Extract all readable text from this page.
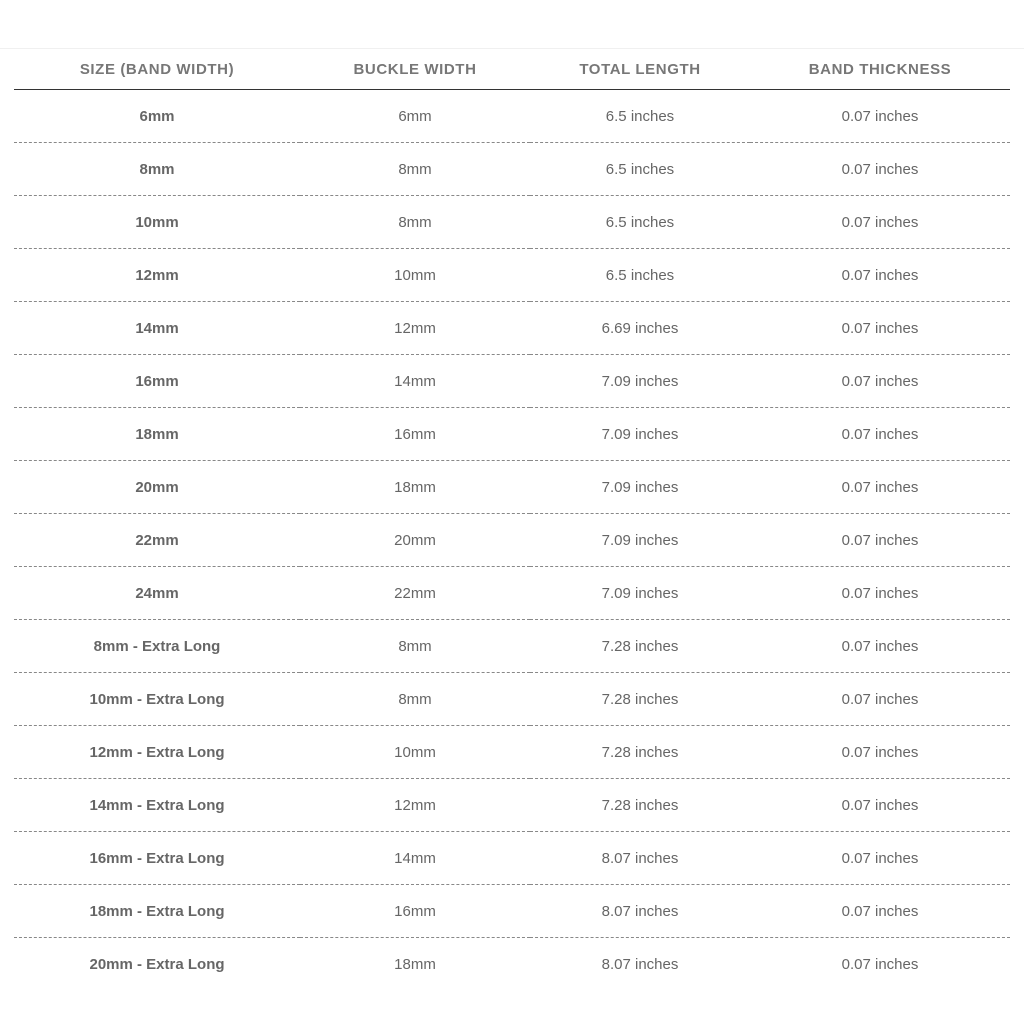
SIZE (BAND WIDTH)	BUCKLE WIDTH	TOTAL LENGTH	BAND THICKNESS
6mm	6mm	6.5 inches	0.07 inches
8mm	8mm	6.5 inches	0.07 inches
10mm	8mm	6.5 inches	0.07 inches
12mm	10mm	6.5 inches	0.07 inches
14mm	12mm	6.69 inches	0.07 inches
16mm	14mm	7.09 inches	0.07 inches
18mm	16mm	7.09 inches	0.07 inches
20mm	18mm	7.09 inches	0.07 inches
22mm	20mm	7.09 inches	0.07 inches
24mm	22mm	7.09 inches	0.07 inches
8mm - Extra Long	8mm	7.28 inches	0.07 inches
10mm - Extra Long	8mm	7.28 inches	0.07 inches
12mm - Extra Long	10mm	7.28 inches	0.07 inches
14mm - Extra Long	12mm	7.28 inches	0.07 inches
16mm - Extra Long	14mm	8.07 inches	0.07 inches
18mm - Extra Long	16mm	8.07 inches	0.07 inches
20mm - Extra Long	18mm	8.07 inches	0.07 inches
